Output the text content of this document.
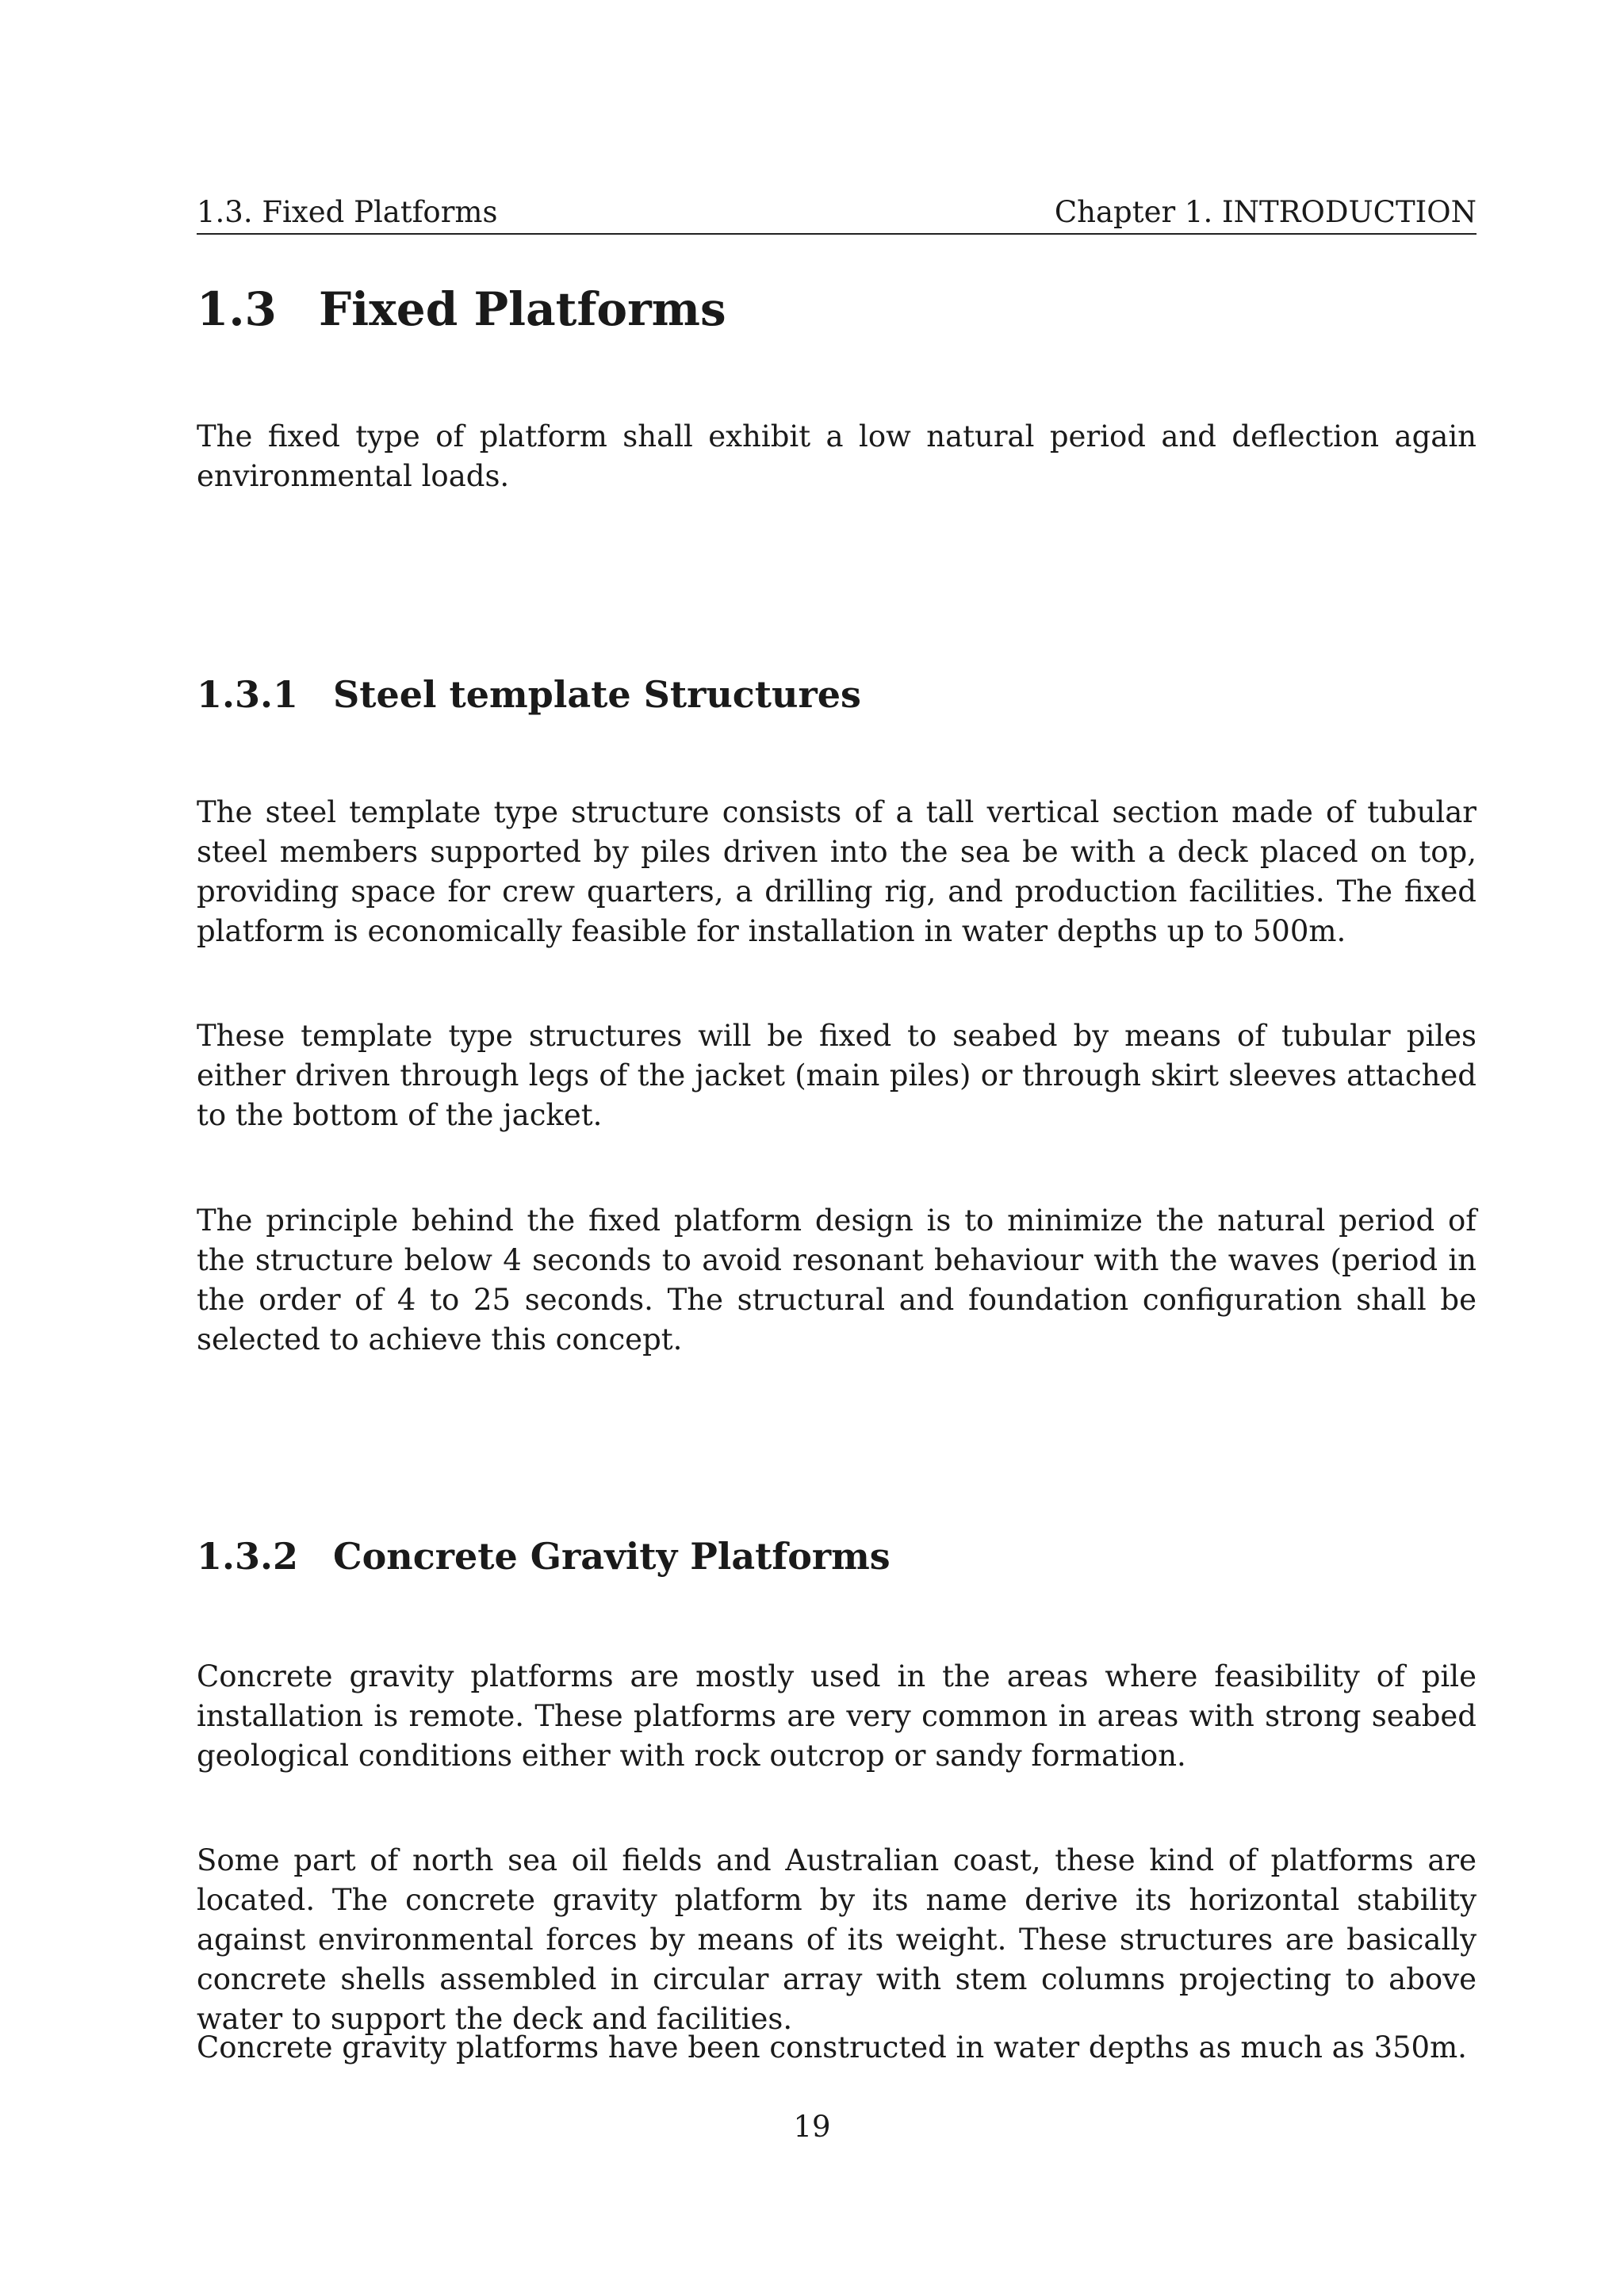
1.3. Fixed Platforms	Chapter 1. INTRODUCTION
1.3 Fixed Platforms

The fixed type of platform shall exhibit a low natural period and deflection again environmental loads.

1.3.1 Steel template Structures

The steel template type structure consists of a tall vertical section made of tubular steel members supported by piles driven into the sea be with a deck placed on top, providing space for crew quarters, a drilling rig, and production facilities. The fixed platform is economically feasible for installation in water depths up to 500m.

These template type structures will be fixed to seabed by means of tubular piles either driven through legs of the jacket (main piles) or through skirt sleeves attached to the bottom of the jacket.

The principle behind the fixed platform design is to minimize the natural period of the structure below 4 seconds to avoid resonant behaviour with the waves (period in the order of 4 to 25 seconds. The structural and foundation configuration shall be selected to achieve this concept.

1.3.2 Concrete Gravity Platforms

Concrete gravity platforms are mostly used in the areas where feasibility of pile installation is remote. These platforms are very common in areas with strong seabed geological conditions either with rock outcrop or sandy formation.

Some part of north sea oil fields and Australian coast, these kind of platforms are located. The concrete gravity platform by its name derive its horizontal stability against environmental forces by means of its weight. These structures are basically concrete shells assembled in circular array with stem columns projecting to above water to support the deck and facilities.

Concrete gravity platforms have been constructed in water depths as much as 350m.

19
